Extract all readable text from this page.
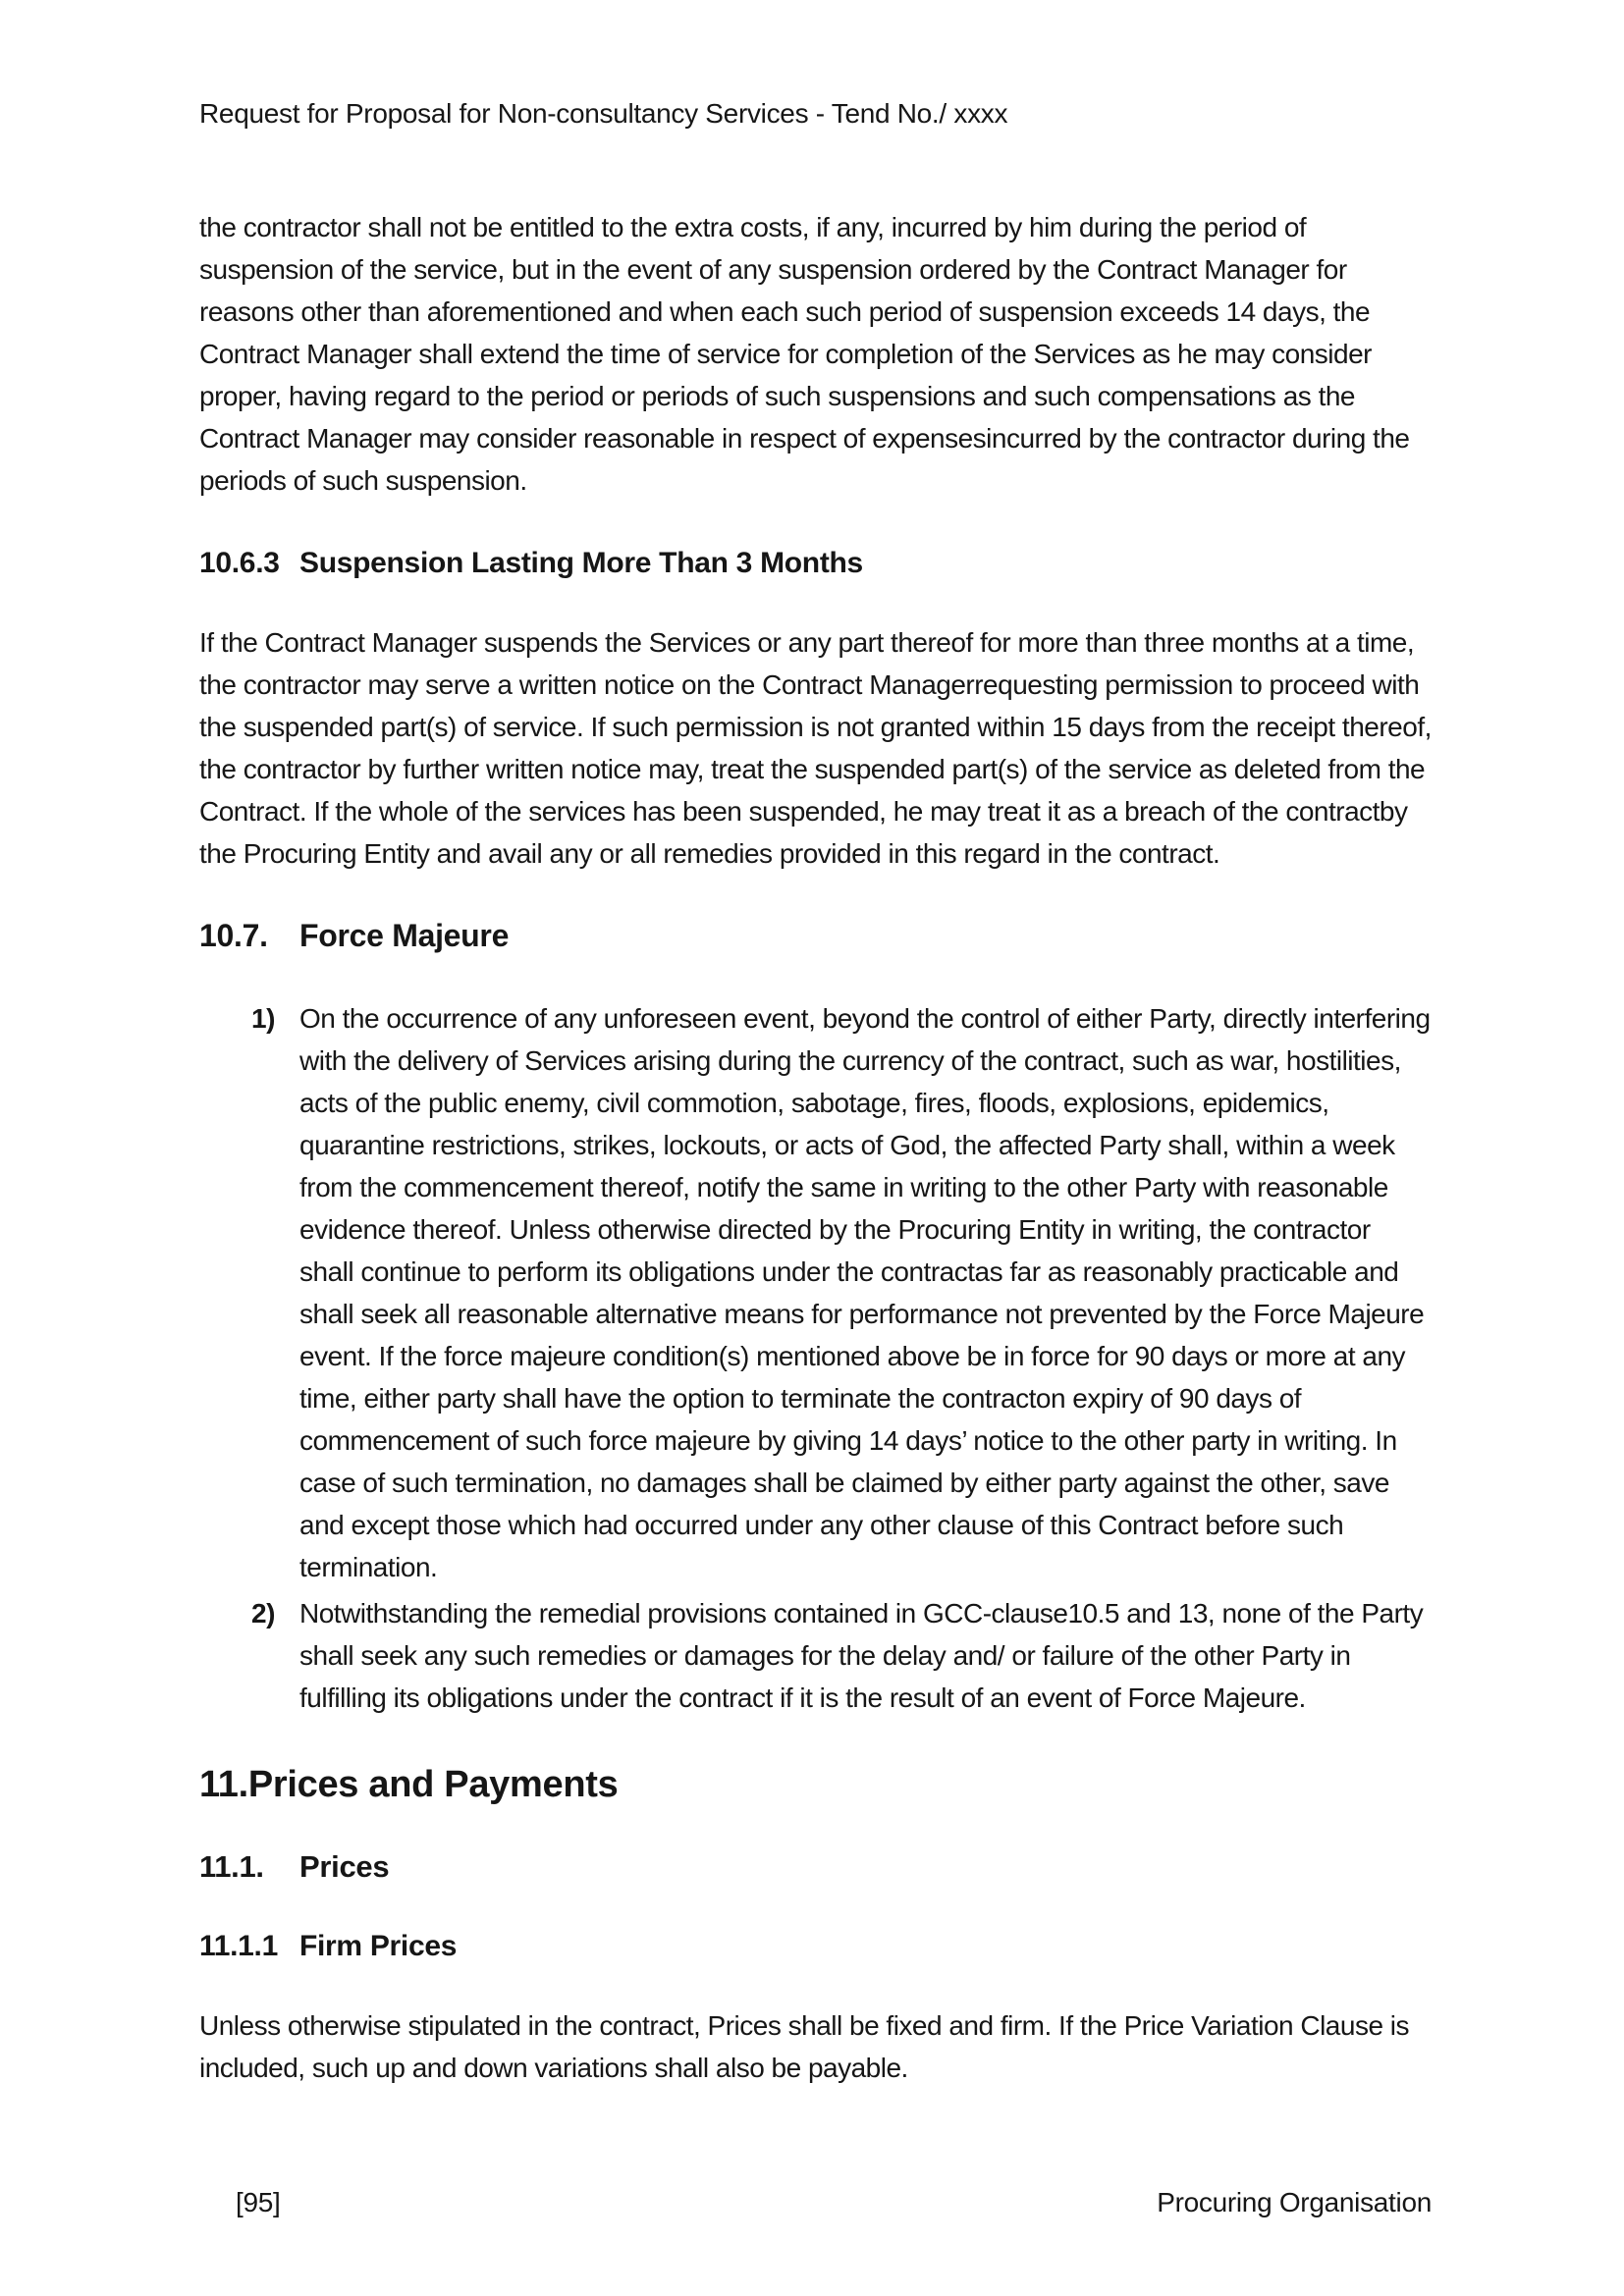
Request for Proposal for Non-consultancy Services - Tend No./ xxxx

the contractor shall not be entitled to the extra costs, if any, incurred by him during the period of suspension of the service, but in the event of any suspension ordered by the Contract Manager for reasons other than aforementioned and when each such period of suspension exceeds 14 days, the Contract Manager shall extend the time of service for completion of the Services as he may consider proper, having regard to the period or periods of such suspensions and such compensations as the Contract Manager may consider reasonable in respect of expensesincurred by the contractor during the periods of such suspension.

10.6.3 Suspension Lasting More Than 3 Months

If the Contract Manager suspends the Services or any part thereof for more than three months at a time, the contractor may serve a written notice on the Contract Managerrequesting permission to proceed with the suspended part(s) of service. If such permission is not granted within 15 days from the receipt thereof, the contractor by further written notice may, treat the suspended part(s) of the service as deleted from the Contract. If the whole of the services has been suspended, he may treat it as a breach of the contractby the Procuring Entity and avail any or all remedies provided in this regard in the contract.

10.7. Force Majeure
1) On the occurrence of any unforeseen event, beyond the control of either Party, directly interfering with the delivery of Services arising during the currency of the contract, such as war, hostilities, acts of the public enemy, civil commotion, sabotage, fires, floods, explosions, epidemics, quarantine restrictions, strikes, lockouts, or acts of God, the affected Party shall, within a week from the commencement thereof, notify the same in writing to the other Party with reasonable evidence thereof. Unless otherwise directed by the Procuring Entity in writing, the contractor shall continue to perform its obligations under the contractas far as reasonably practicable and shall seek all reasonable alternative means for performance not prevented by the Force Majeure event. If the force majeure condition(s) mentioned above be in force for 90 days or more at any time, either party shall have the option to terminate the contracton expiry of 90 days of commencement of such force majeure by giving 14 days’ notice to the other party in writing. In case of such termination, no damages shall be claimed by either party against the other, save and except those which had occurred under any other clause of this Contract before such termination.
2) Notwithstanding the remedial provisions contained in GCC-clause10.5 and 13, none of the Party shall seek any such remedies or damages for the delay and/ or failure of the other Party in fulfilling its obligations under the contract if it is the result of an event of Force Majeure.
11.Prices and Payments
11.1. Prices
11.1.1 Firm Prices

Unless otherwise stipulated in the contract, Prices shall be fixed and firm. If the Price Variation Clause is included, such up and down variations shall also be payable.

[95]	Procuring Organisation
